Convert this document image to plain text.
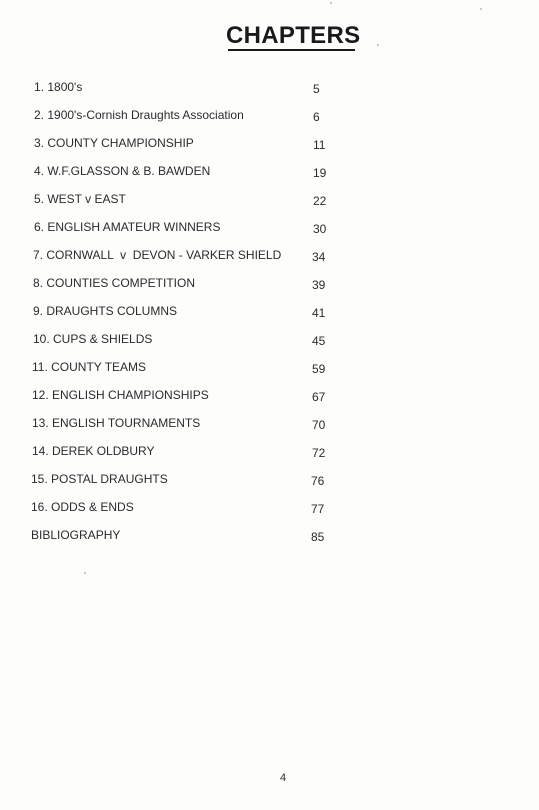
CHAPTERS
1. 1800's	5
2. 1900's-Cornish Draughts Association	6
3. COUNTY CHAMPIONSHIP	11
4. W.F.GLASSON & B. BAWDEN	19
5. WEST v EAST	22
6. ENGLISH AMATEUR WINNERS	30
7. CORNWALL  v  DEVON - VARKER SHIELD	34
8. COUNTIES COMPETITION	39
9. DRAUGHTS COLUMNS	41
10. CUPS & SHIELDS	45
11. COUNTY TEAMS	59
12. ENGLISH CHAMPIONSHIPS	67
13. ENGLISH TOURNAMENTS	70
14. DEREK OLDBURY	72
15. POSTAL DRAUGHTS	76
16. ODDS & ENDS	77
BIBLIOGRAPHY	85
4
